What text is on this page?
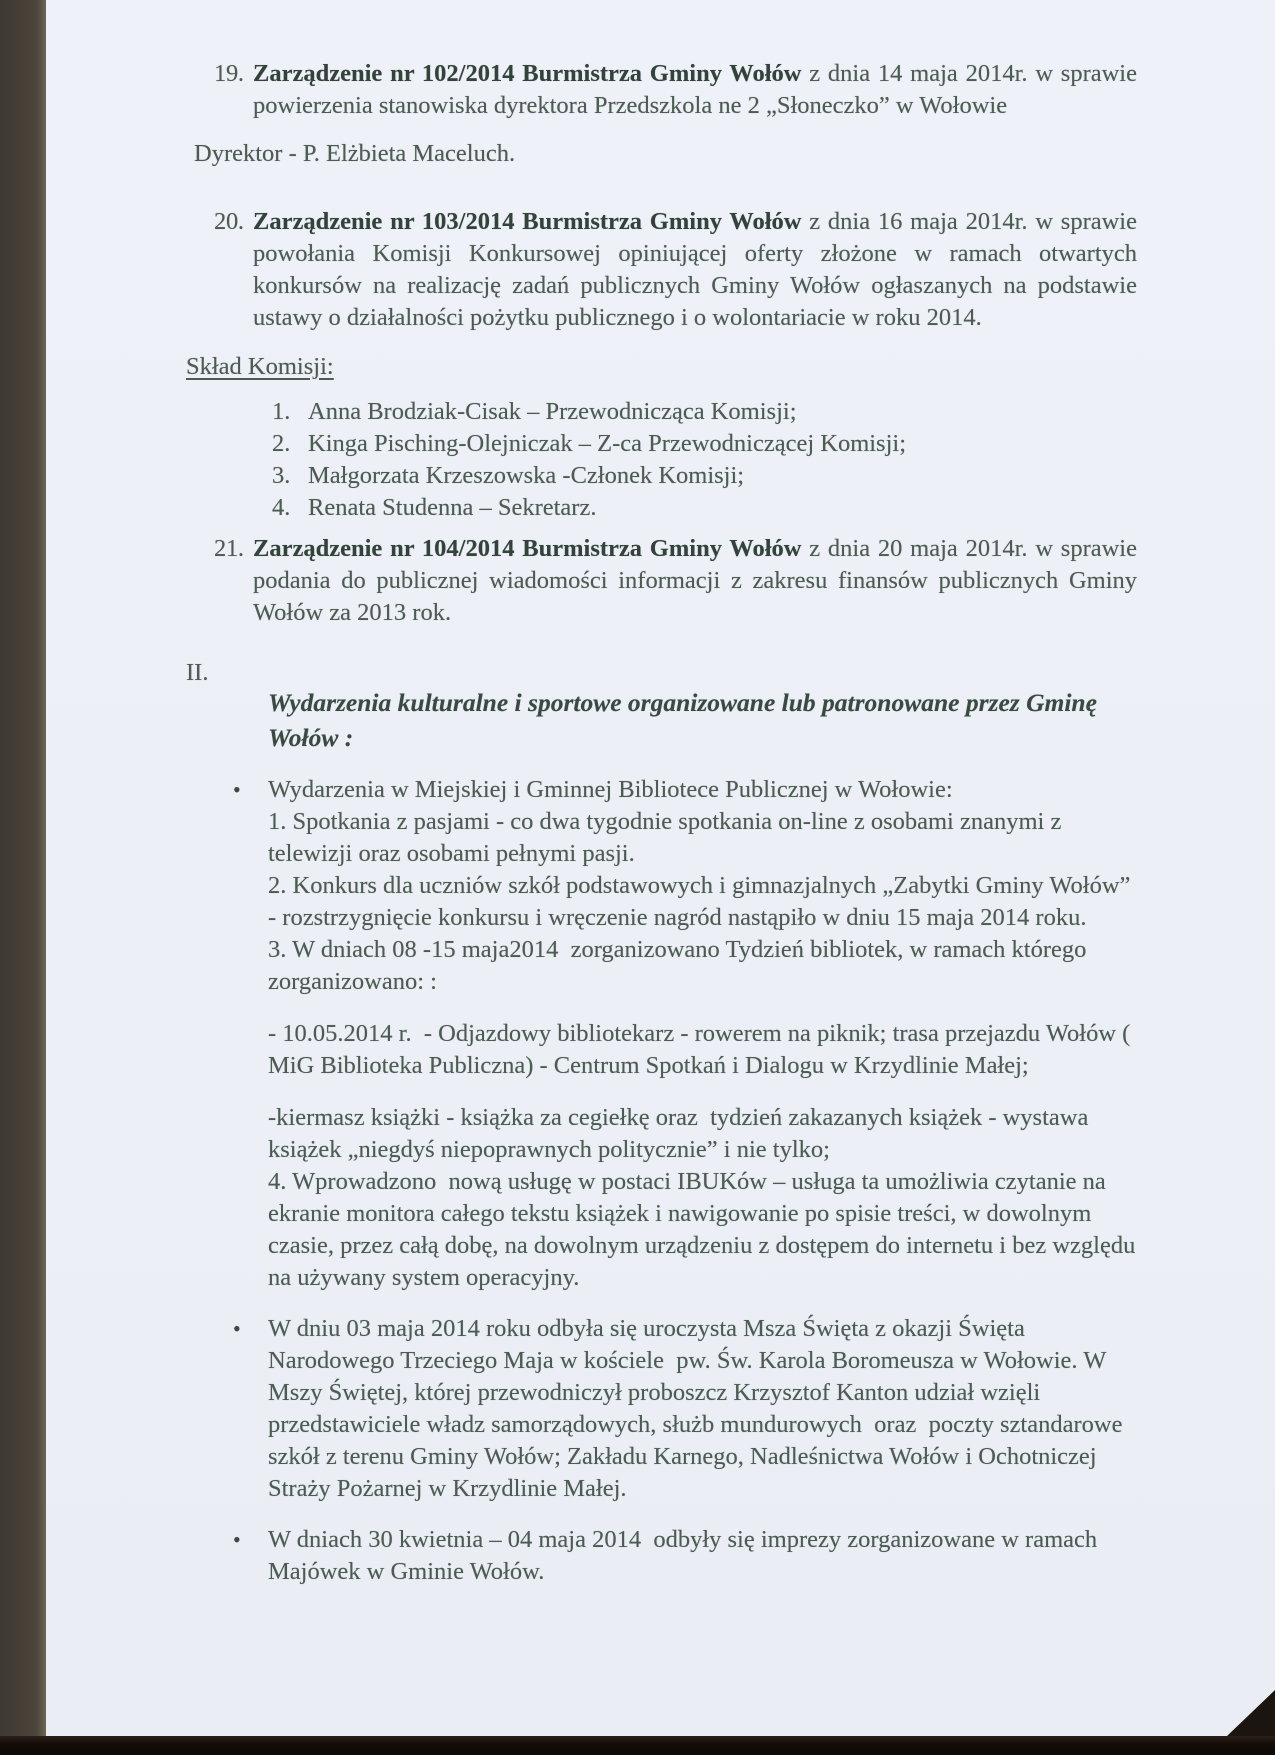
19. Zarządzenie nr 102/2014 Burmistrza Gminy Wołów z dnia 14 maja 2014r. w sprawie powierzenia stanowiska dyrektora Przedszkola ne 2 „Słoneczko” w Wołowie

Dyrektor - P. Elżbieta Maceluch.

20. Zarządzenie nr 103/2014 Burmistrza Gminy Wołów z dnia 16 maja 2014r. w sprawie powołania Komisji Konkursowej opiniującej oferty złożone w ramach otwartych konkursów na realizację zadań publicznych Gminy Wołów ogłaszanych na podstawie ustawy o działalności pożytku publicznego i o wolontariacie w roku 2014.

Skład Komisji:

1. Anna Brodziak-Cisak – Przewodnicząca Komisji;
2. Kinga Pisching-Olejniczak – Z-ca Przewodniczącej Komisji;
3. Małgorzata Krzeszowska -Członek Komisji;
4. Renata Studenna – Sekretarz.
21. Zarządzenie nr 104/2014 Burmistrza Gminy Wołów z dnia 20 maja 2014r. w sprawie podania do publicznej wiadomości informacji z zakresu finansów publicznych Gminy Wołów za 2013 rok.

II.

Wydarzenia kulturalne i sportowe organizowane lub patronowane przez Gminę Wołów :

•	Wydarzenia w Miejskiej i Gminnej Bibliotece Publicznej w Wołowie:

1. Spotkania z pasjami - co dwa tygodnie spotkania on-line z osobami znanymi z telewizji oraz osobami pełnymi pasji.

2. Konkurs dla uczniów szkół podstawowych i gimnazjalnych „Zabytki Gminy Wołów” - rozstrzygnięcie konkursu i wręczenie nagród nastąpiło w dniu 15 maja 2014 roku.

3. W dniach 08 -15 maja2014  zorganizowano Tydzień bibliotek, w ramach którego zorganizowano: :

- 10.05.2014 r.  - Odjazdowy bibliotekarz - rowerem na piknik; trasa przejazdu Wołów ( MiG Biblioteka Publiczna) - Centrum Spotkań i Dialogu w Krzydlinie Małej;

-kiermasz książki - książka za cegiełkę oraz  tydzień zakazanych książek - wystawa książek „niegdyś niepoprawnych politycznie” i nie tylko;

4. Wprowadzono  nową usługę w postaci IBUKów – usługa ta umożliwia czytanie na ekranie monitora całego tekstu książek i nawigowanie po spisie treści, w dowolnym czasie, przez całą dobę, na dowolnym urządzeniu z dostępem do internetu i bez względu na używany system operacyjny.

•	W dniu 03 maja 2014 roku odbyła się uroczysta Msza Święta z okazji Święta Narodowego Trzeciego Maja w kościele  pw. Św. Karola Boromeusza w Wołowie. W Mszy Świętej, której przewodniczył proboszcz Krzysztof Kanton udział wzięli przedstawiciele władz samorządowych, służb mundurowych  oraz  poczty sztandarowe szkół z terenu Gminy Wołów; Zakładu Karnego, Nadleśnictwa Wołów i Ochotniczej Straży Pożarnej w Krzydlinie Małej.

•	W dniach 30 kwietnia – 04 maja 2014  odbyły się imprezy zorganizowane w ramach  Majówek w Gminie Wołów.
